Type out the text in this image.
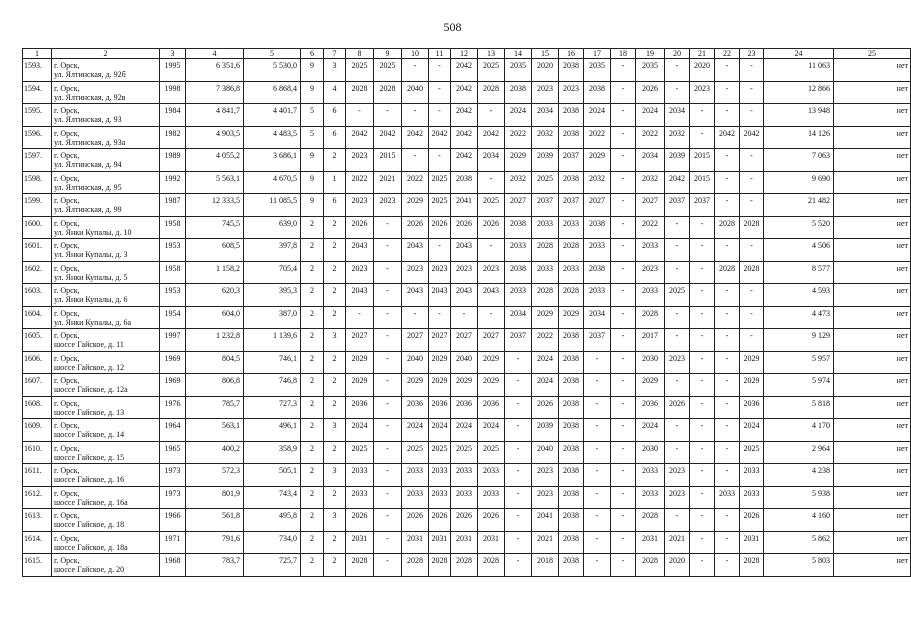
508
1	2	3	4	5	6	7	8	9	10	11	12	13	14	15	16	17	18	19	20	21	22	23	24	25
1593.	г. Орск,
ул. Ялтинская, д. 92б	1995	6 351,6	5 530,0	9	3	2025	2025	-	-	2042	2025	2035	2020	2038	2035	-	2035	-	2020	-	-	11 063	нет
1594.	г. Орск,
ул. Ялтинская, д. 92в	1998	7 386,8	6 868,4	9	4	2028	2028	2040	-	2042	2028	2038	2023	2023	2038	-	2026	-	2023	-	-	12 866	нет
1595.	г. Орск,
ул. Ялтинская, д. 93	1984	4 841,7	4 401,7	5	6	-	-	-	-	2042	-	2024	2034	2038	2024	-	2024	2034	-	-	-	13 948	нет
1596.	г. Орск,
ул. Ялтинская, д. 93а	1982	4 903,5	4 483,5	5	6	2042	2042	2042	2042	2042	2042	2022	2032	2038	2022	-	2022	2032	-	2042	2042	14 126	нет
1597.	г. Орск,
ул. Ялтинская, д. 94	1989	4 055,2	3 686,1	9	2	2023	2015	-	-	2042	2034	2029	2039	2037	2029	-	2034	2039	2015	-	-	7 063	нет
1598.	г. Орск,
ул. Ялтинская, д. 95	1992	5 563,1	4 670,5	9	1	2022	2021	2022	2025	2038	-	2032	2025	2038	2032	-	2032	2042	2015	-	-	9 690	нет
1599.	г. Орск,
ул. Ялтинская, д. 99	1987	12 333,5	11 085,5	9	6	2023	2023	2029	2025	2041	2025	2027	2037	2037	2027	-	2027	2037	2037	-	-	21 482	нет
1600.	г. Орск,
ул. Янки Купалы, д. 10	1958	745,5	639,0	2	2	2026	-	2026	2026	2026	2026	2038	2033	2033	2038	-	2022	-	-	2028	2028	5 520	нет
1601.	г. Орск,
ул. Янки Купалы, д. 3	1953	608,5	397,8	2	2	2043	-	2043	-	2043	-	2033	2028	2028	2033	-	2033	-	-	-	-	4 506	нет
1602.	г. Орск,
ул. Янки Купалы, д. 5	1958	1 158,2	705,4	2	2	2023	-	2023	2023	2023	2023	2038	2033	2033	2038	-	2023	-	-	2028	2028	8 577	нет
1603.	г. Орск,
ул. Янки Купалы, д. 6	1953	620,3	395,3	2	2	2043	-	2043	2043	2043	2043	2033	2028	2028	2033	-	2033	2025	-	-	-	4 593	нет
1604.	г. Орск,
ул. Янки Купалы, д. 6а	1954	604,0	387,0	2	2	-	-	-	-	-	-	2034	2029	2029	2034	-	2028	-	-	-	-	4 473	нет
1605.	г. Орск,
шоссе Гайское, д. 11	1997	1 232,8	1 139,6	2	3	2027	-	2027	2027	2027	2027	2037	2022	2038	2037	-	2017	-	-	-	-	9 129	нет
1606.	г. Орск,
шоссе Гайское, д. 12	1969	804,5	746,1	2	2	2029	-	2040	2029	2040	2029	-	2024	2038	-	-	2030	2023	-	-	2029	5 957	нет
1607.	г. Орск,
шоссе Гайское, д. 12а	1969	806,8	746,8	2	2	2029	-	2029	2029	2029	2029	-	2024	2038	-	-	2029	-	-	-	2029	5 974	нет
1608.	г. Орск,
шоссе Гайское, д. 13	1976	785,7	727,3	2	2	2036	-	2036	2036	2036	2036	-	2026	2038	-	-	2036	2026	-	-	2036	5 818	нет
1609.	г. Орск,
шоссе Гайское, д. 14	1964	563,1	496,1	2	3	2024	-	2024	2024	2024	2024	-	2039	2038	-	-	2024	-	-	-	2024	4 170	нет
1610.	г. Орск,
шоссе Гайское, д. 15	1965	400,2	358,9	2	2	2025	-	2025	2025	2025	2025	-	2040	2038	-	-	2030	-	-	-	2025	2 964	нет
1611.	г. Орск,
шоссе Гайское, д. 16	1973	572,3	505,1	2	3	2033	-	2033	2033	2033	2033	-	2023	2038	-	-	2033	2023	-	-	2033	4 238	нет
1612.	г. Орск,
шоссе Гайское, д. 16а	1973	801,9	743,4	2	2	2033	-	2033	2033	2033	2033	-	2023	2038	-	-	2033	2023	-	2033	2033	5 938	нет
1613.	г. Орск,
шоссе Гайское, д. 18	1966	561,8	495,8	2	3	2026	-	2026	2026	2026	2026	-	2041	2038	-	-	2028	-	-	-	2026	4 160	нет
1614.	г. Орск,
шоссе Гайское, д. 18а	1971	791,6	734,0	2	2	2031	-	2031	2031	2031	2031	-	2021	2038	-	-	2031	2021	-	-	2031	5 862	нет
1615.	г. Орск,
шоссе Гайское, д. 20	1968	783,7	725,7	2	2	2028	-	2028	2028	2028	2028	-	2018	2038	-	-	2028	2020	-	-	2028	5 803	нет
